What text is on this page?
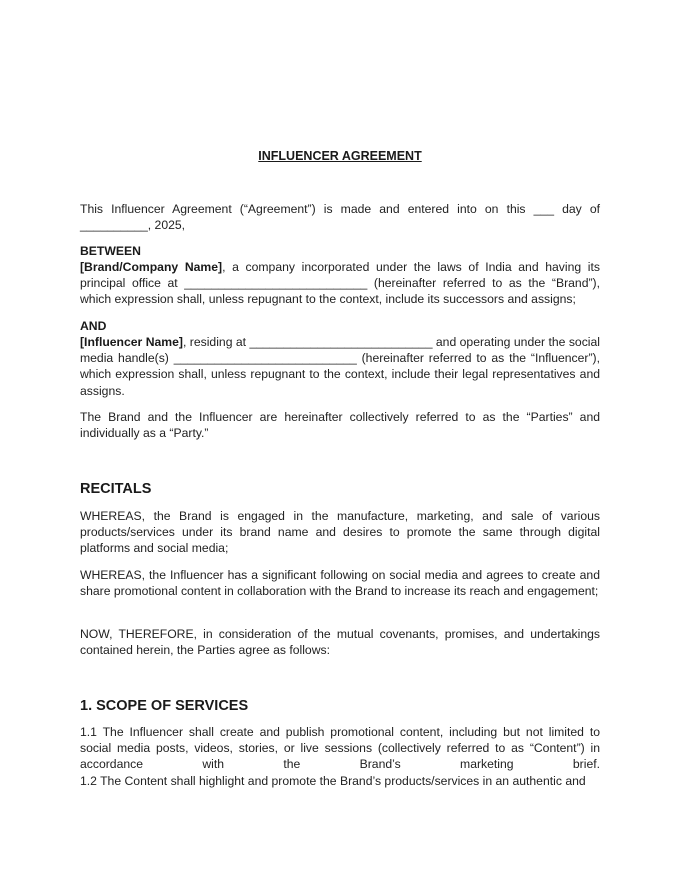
INFLUENCER AGREEMENT

This Influencer Agreement (“Agreement”) is made and entered into on this ___ day of __________, 2025,

BETWEEN

[Brand/Company Name], a company incorporated under the laws of India and having its principal office at ___________________________ (hereinafter referred to as the “Brand”), which expression shall, unless repugnant to the context, include its successors and assigns;

AND

[Influencer Name], residing at ___________________________ and operating under the social media handle(s) ___________________________ (hereinafter referred to as the “Influencer”), which expression shall, unless repugnant to the context, include their legal representatives and assigns.

The Brand and the Influencer are hereinafter collectively referred to as the “Parties” and individually as a “Party.”

RECITALS

WHEREAS, the Brand is engaged in the manufacture, marketing, and sale of various products/services under its brand name and desires to promote the same through digital platforms and social media;

WHEREAS, the Influencer has a significant following on social media and agrees to create and share promotional content in collaboration with the Brand to increase its reach and engagement;

NOW, THEREFORE, in consideration of the mutual covenants, promises, and undertakings contained herein, the Parties agree as follows:

1. SCOPE OF SERVICES

1.1 The Influencer shall create and publish promotional content, including but not limited to social media posts, videos, stories, or live sessions (collectively referred to as “Content”) in accordance with the Brand’s marketing brief.

1.2 The Content shall highlight and promote the Brand’s products/services in an authentic and
